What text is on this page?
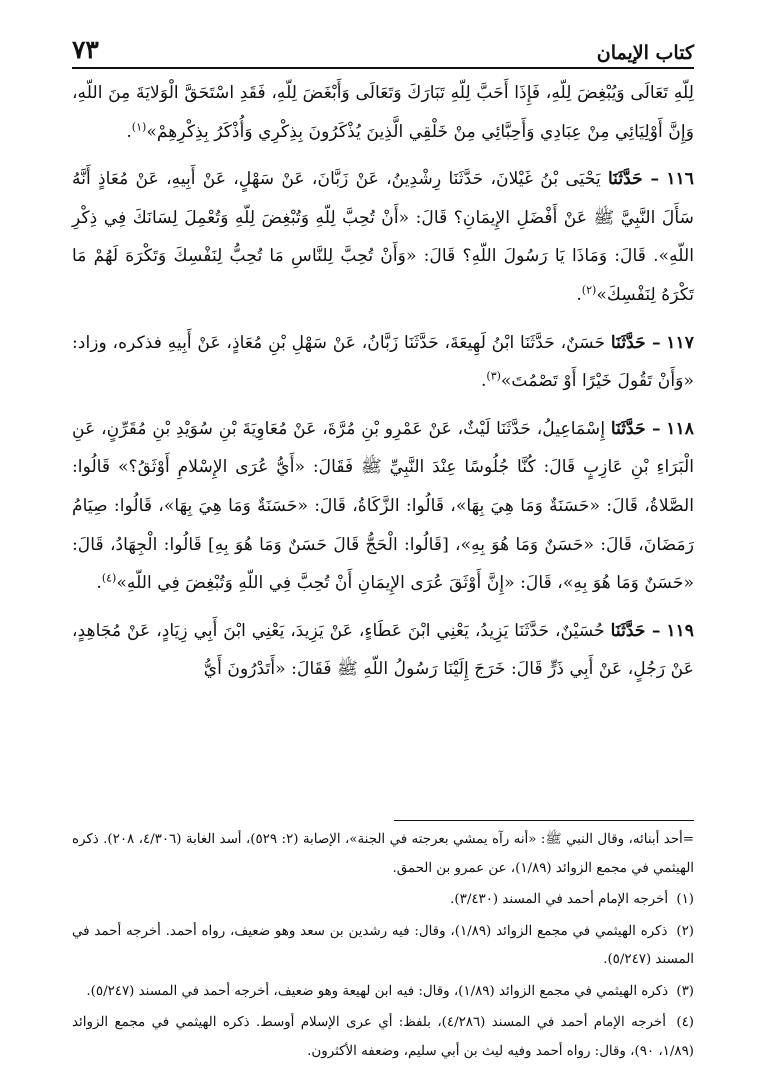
كتاب الإيمان
٧٣

لِلّهِ تَعَالَى وَيُبْغِضَ لِلّهِ، فَإِذَا أَحَبَّ لِلّهِ تَبَارَكَ وَتَعَالَى وَأَبْغَضَ لِلّهِ، فَقَدِ اسْتَحَقَّ الْوَلايَةَ مِنَ اللّهِ، وَإِنَّ أَوْلِيَائِي مِنْ عِبَادِي وَأَحِبَّائِي مِنْ خَلْقِي الَّذِينَ يُذْكَرُونَ بِذِكْرِي وَأُذْكَرُ بِذِكْرِهِمْ»$^{(١)}$.

١١٦ – حَدَّثَنَا يَحْيَى بْنُ غَيْلانَ، حَدَّثَنَا رِشْدِينُ، عَنْ زَبَّانَ، عَنْ سَهْلٍ، عَنْ أَبِيهِ، عَنْ مُعَاذٍ أَنَّهُ سَأَلَ النَّبِيَّ ﷺ عَنْ أَفْضَلِ الإِيمَانِ؟ قَالَ: «أَنْ تُحِبَّ لِلّهِ وَتُبْغِضَ لِلّهِ وَتُعْمِلَ لِسَانَكَ فِي ذِكْرِ اللّهِ». قَالَ: وَمَاذَا يَا رَسُولَ اللّهِ؟ قَالَ: «وَأَنْ تُحِبَّ لِلنَّاسِ مَا تُحِبُّ لِنَفْسِكَ وَتَكْرَهَ لَهُمْ مَا تَكْرَهُ لِنَفْسِكَ»$^{(٢)}$.

١١٧ – حَدَّثَنَا حَسَنٌ، حَدَّثَنَا ابْنُ لَهِيعَةَ، حَدَّثَنَا زَبَّانُ، عَنْ سَهْلِ بْنِ مُعَاذٍ، عَنْ أَبِيهِ فذكره، وزاد: «وَأَنْ تَقُولَ خَيْرًا أَوْ تَصْمُتَ»$^{(٣)}$.

١١٨ – حَدَّثَنَا إِسْمَاعِيلُ، حَدَّثَنَا لَيْثٌ، عَنْ عَمْرِو بْنِ مُرَّةَ، عَنْ مُعَاوِيَةَ بْنِ سُوَيْدِ بْنِ مُقَرِّنٍ، عَنِ الْبَرَاءِ بْنِ عَازِبٍ قَالَ: كُنَّا جُلُوسًا عِنْدَ النَّبِيِّ ﷺ فَقَالَ: «أَيُّ عُرَى الإِسْلامِ أَوْثَقُ؟» قَالُوا: الصَّلاةُ، قَالَ: «حَسَنَةٌ وَمَا هِيَ بِهَا»، قَالُوا: الزَّكَاةُ، قَالَ: «حَسَنَةٌ وَمَا هِيَ بِهَا»، قَالُوا: صِيَامُ رَمَضَانَ، قَالَ: «حَسَنٌ وَمَا هُوَ بِهِ»، [قَالُوا: الْحَجُّ قَالَ حَسَنٌ وَمَا هُوَ بِهِ] قَالُوا: الْجِهَادُ، قَالَ: «حَسَنٌ وَمَا هُوَ بِهِ»، قَالَ: «إِنَّ أَوْثَقَ عُرَى الإِيمَانِ أَنْ تُحِبَّ فِي اللّهِ وَتُبْغِضَ فِي اللّهِ»$^{(٤)}$.

١١٩ – حَدَّثَنَا حُسَيْنٌ، حَدَّثَنَا يَزِيدُ، يَعْنِي ابْنَ عَطَاءٍ، عَنْ يَزِيدَ، يَعْنِي ابْنَ أَبِي زِيَادٍ، عَنْ مُجَاهِدٍ، عَنْ رَجُلٍ، عَنْ أَبِي ذَرٍّ قَالَ: خَرَجَ إِلَيْنَا رَسُولُ اللّهِ ﷺ فَقَالَ: «أَتَدْرُونَ أَيُّ

=أحد أبنائه، وقال النبي ﷺ: «أنه رآه يمشي بعرجته في الجنة»، الإصابة (٢: ٥٢٩)، أسد الغابة (٤/٣٠٦، ٢٠٨). ذكره الهيثمي في مجمع الزوائد (١/٨٩)، عن عمرو بن الحمق.

(١) أخرجه الإمام أحمد في المسند (٣/٤٣٠).

(٢) ذكره الهيثمي في مجمع الزوائد (١/٨٩)، وقال: فيه رشدين بن سعد وهو ضعيف، رواه أحمد. أخرجه أحمد في المسند (٥/٢٤٧).

(٣) ذكره الهيثمي في مجمع الزوائد (١/٨٩)، وقال: فيه ابن لهيعة وهو ضعيف، أخرجه أحمد في المسند (٥/٢٤٧).

(٤) أخرجه الإمام أحمد في المسند (٤/٢٨٦)، بلفظ: أي عرى الإسلام أوسط. ذكره الهيثمي في مجمع الزوائد (١/٨٩، ٩٠)، وقال: رواه أحمد وفيه ليث بن أبي سليم، وضعفه الأكثرون.
